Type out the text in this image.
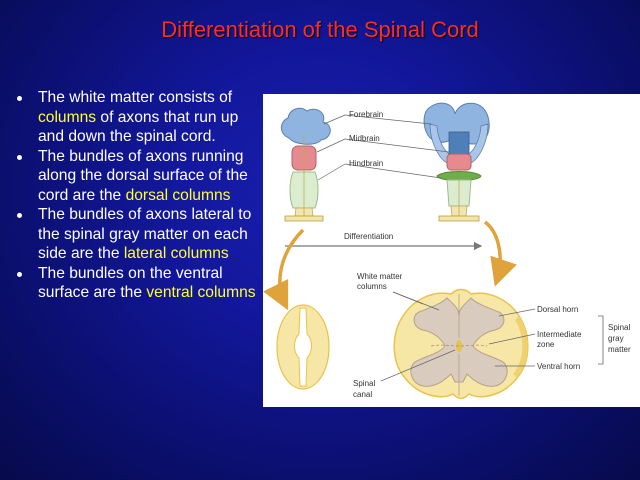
Differentiation of the Spinal Cord
The white matter consists of columns of axons that run up and down the spinal cord.
The bundles of axons running along the dorsal surface of the cord are the dorsal columns
The bundles of axons lateral to the spinal gray matter on each side are the lateral columns
The bundles on the ventral surface are the ventral columns
Forebrain
Midbrain
Hindbrain
Differentiation
White matter
columns
Dorsal horn
Intermediate
zone
Ventral horn
Spinal
gray
matter
Spinal
canal
